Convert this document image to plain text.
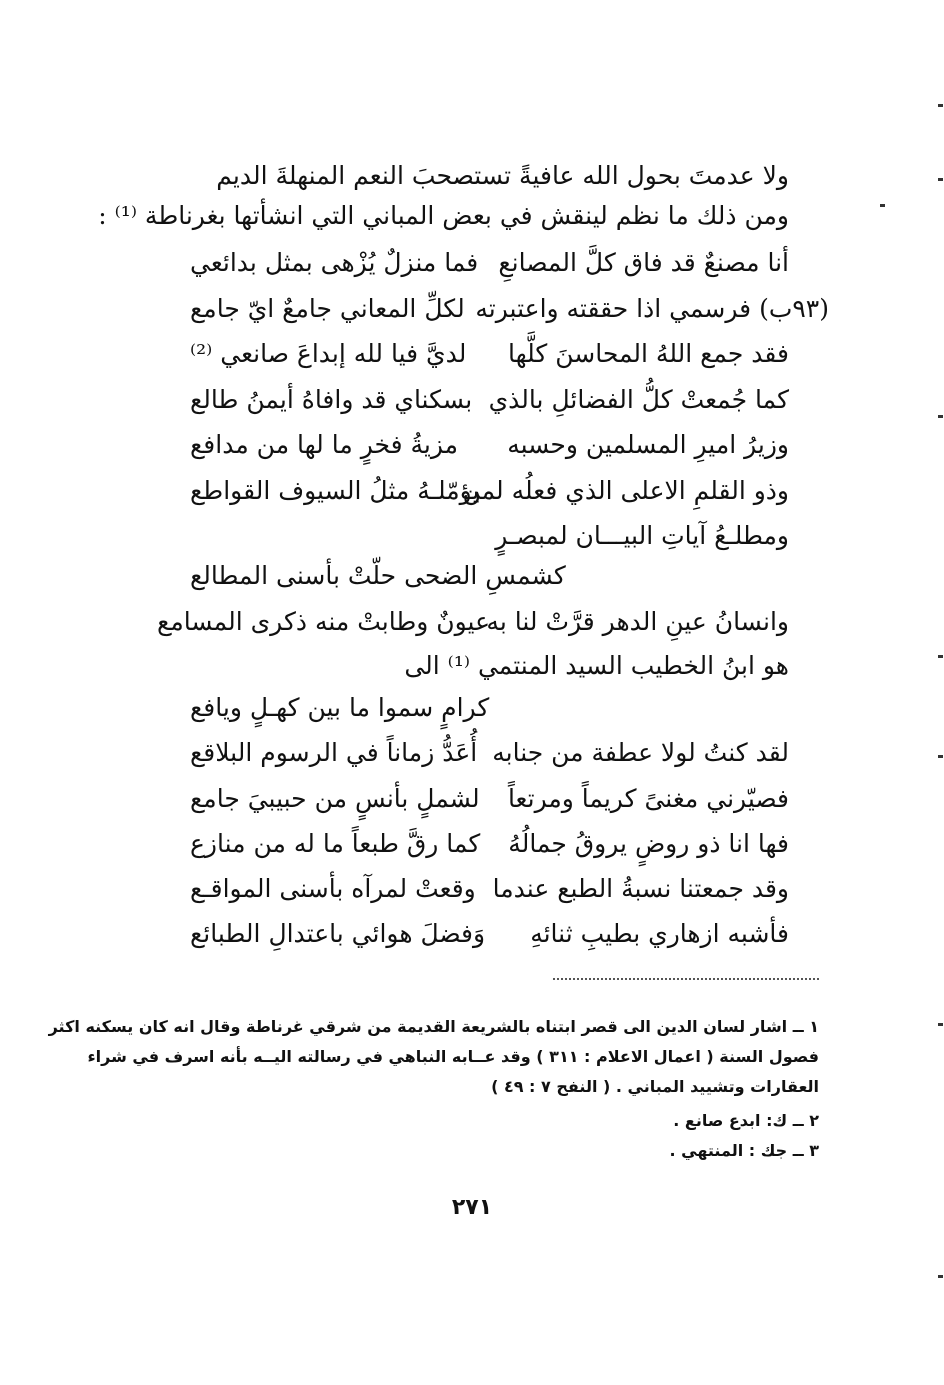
ولا عدمتَ بحول الله عافيةً تستصحبَ النعم المنهلةَ الديم
ومن ذلك ما نظم لينقش في بعض المباني التي انشأتها بغرناطة ⁽¹⁾ :
أنا مصنعٌ قد فاق كلَّ المصانعِ
فما منزلٌ يُزْهى بمثل بدائعي
(٩٣ب) فرسمي اذا حققته واعتبرته
لكلِّ المعاني جامعٌ ايّ جامع
فقد جمع اللهُ المحاسنَ كلَّها
لديَّ فيا لله إبداعَ صانعي ⁽²⁾
كما جُمعتْ كلُّ الفضائلِ بالذي
بسكناي قد وافاهُ أيمنُ طالع
وزيرُ اميرِ المسلمين وحسبه
مزيةُ فخرٍ ما لها من مدافع
وذو القلمِ الاعلى الذي فعلُه لمن
يؤمّلـهُ مثلُ السيوف القواطع
ومطلـعُ آياتِ البيـــان لمبصـرٍ
كشمسِ الضحى حلّتْ بأسنى المطالع
وانسانُ عينِ الدهر قرَّتْ لنا به
عيونٌ وطابتْ منه ذكرى المسامع
هو ابنُ الخطيب السيد المنتمي ⁽¹⁾ الى
كرامٍ سموا ما بين كهـلٍ ويافع
لقد كنتُ لولا عطفة من جنابه
أُعَدُّ زماناً في الرسوم البلاقع
فصيّرني مغنىً كريماً ومرتعاً
لشملٍ بأنسٍ من حبيبيَ جامع
فها انا ذو روضٍ يروقُ جمالُهُ
كما رقَّ طبعاً ما له من منازع
وقد جمعتنا نسبةُ الطبع عندما
وقعتْ لمرآه بأسنى المواقـع
فأشبه ازهاري بطيبِ ثنائهِ
وَفضلَ هوائي باعتدالِ الطبائع
١ ــ اشار لسان الدين الى قصر ابتناه بالشريعة القديمة من شرقي غرناطة وقال انه كان يسكنه اكثر
فصول السنة ( اعمال الاعلام : ٣١١ ) وقد عــابه النباهي في رسالته اليــه بأنه اسرف في شراء
العقارات وتشييد المباني . ( النفح ٧ : ٤٩ )
٢ ــ ك: ابدع صانع .
٣ ــ جك : المنتهي .
٢٧١
